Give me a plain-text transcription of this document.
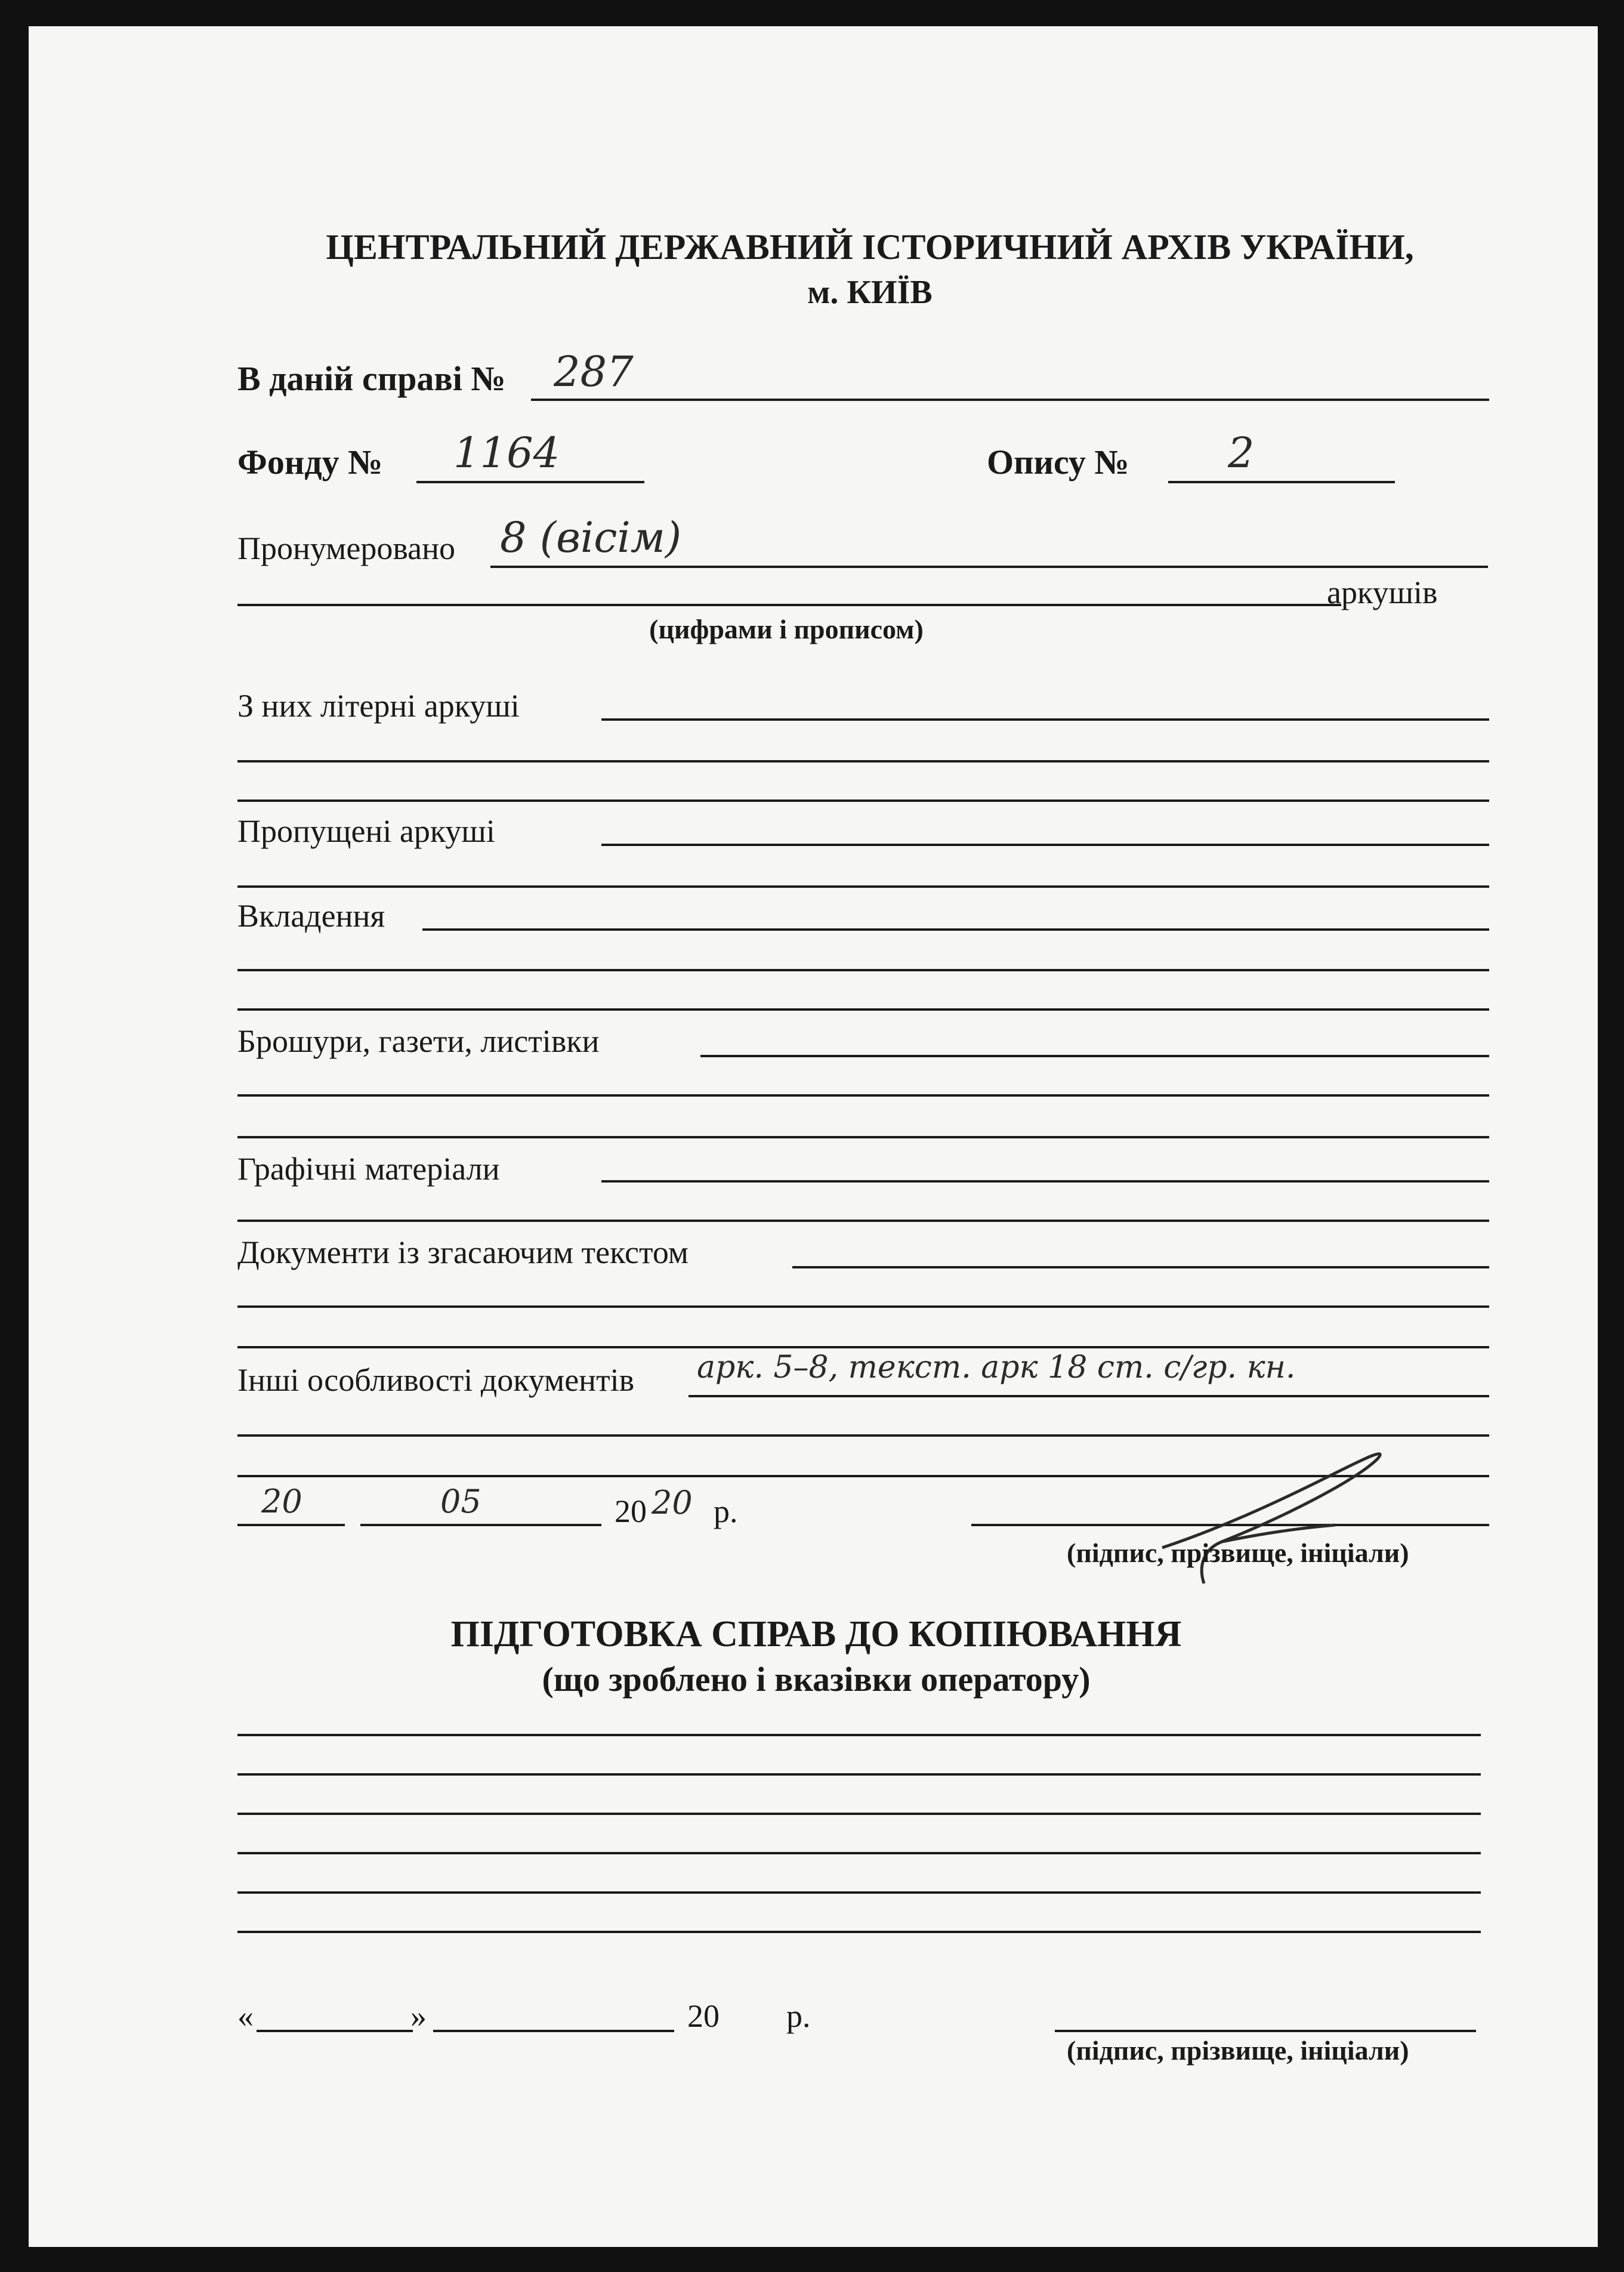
ЦЕНТРАЛЬНИЙ ДЕРЖАВНИЙ ІСТОРИЧНИЙ АРХІВ УКРАЇНИ,
м. КИЇВ
В даній справі № 287
Фонду № 1164	Опису № 2
Пронумеровано 8 (вісім)
аркушів
(цифрами і прописом)
З них літерні аркуші
Пропущені аркуші
Вкладення
Брошури, газети, листівки
Графічні матеріали
Документи із згасаючим текстом
Інші особливості документів арк. 5–8, текст. арк 18 ст. с/гр. кн.
20	05	20 20 р.
(підпис, прізвище, ініціали)
ПІДГОТОВКА СПРАВ ДО КОПІЮВАННЯ
(що зроблено і вказівки оператору)
«	»	20 р.
(підпис, прізвище, ініціали)
